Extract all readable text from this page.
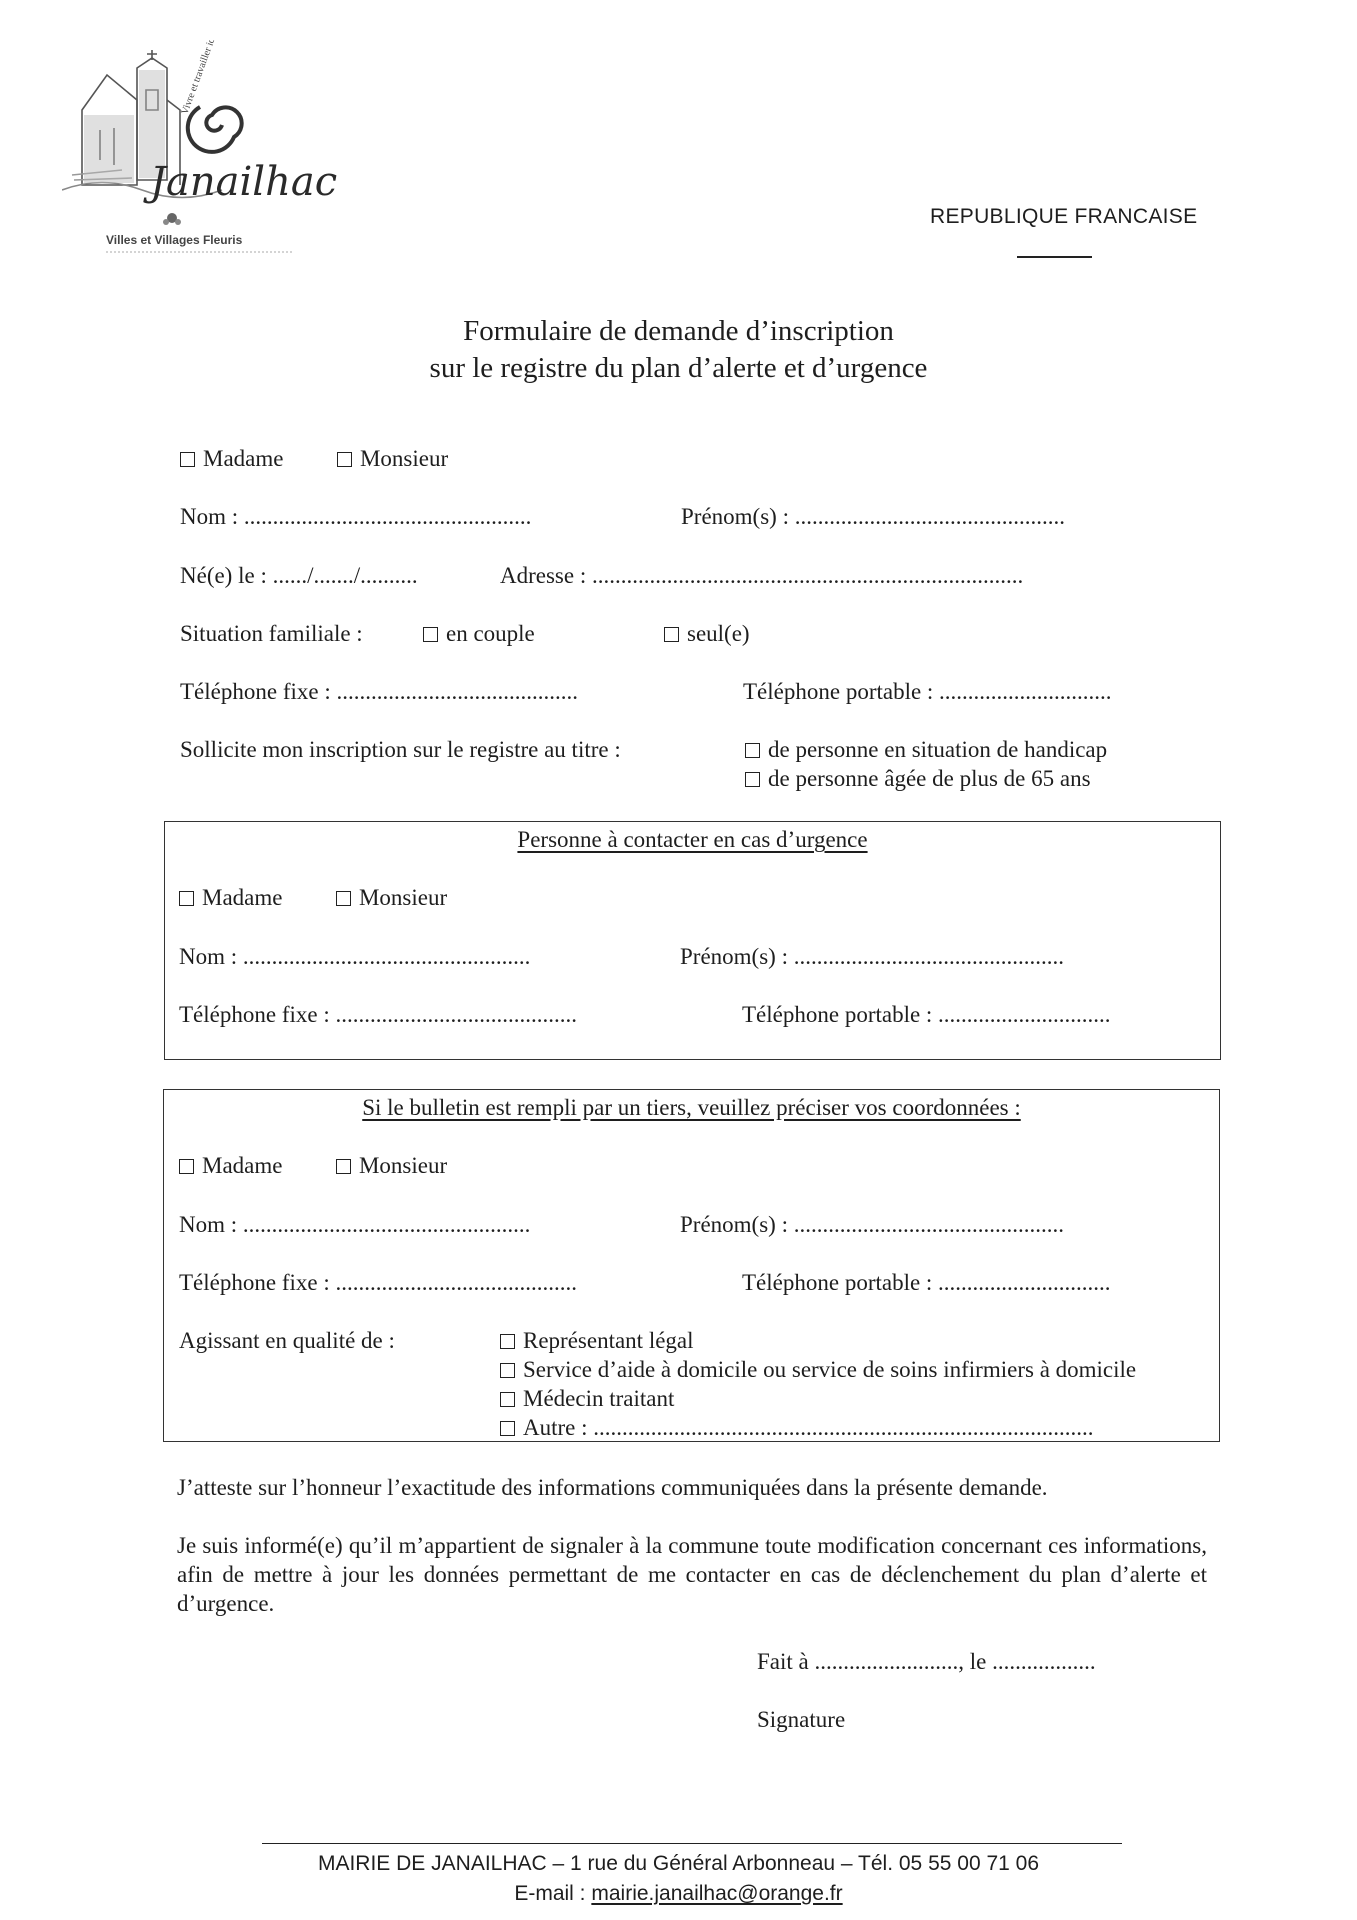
Vivre et travailler ici
Janailhac
Villes et Villages Fleuris
REPUBLIQUE FRANCAISE
Formulaire de demande d’inscription
sur le registre du plan d’alerte et d’urgence
Madame	Monsieur
Nom : ..................................................	Prénom(s) : ...............................................
Né(e) le : ....../......./..........	Adresse : ...........................................................................
Situation familiale :	en couple	seul(e)
Téléphone fixe : ..........................................	Téléphone portable : ..............................
Sollicite mon inscription sur le registre au titre :	de personne en situation de handicap
de personne âgée de plus de 65 ans
Personne à contacter en cas d’urgence
Madame	Monsieur
Nom : ..................................................	Prénom(s) : ...............................................
Téléphone fixe : ..........................................	Téléphone portable : ..............................
Si le bulletin est rempli par un tiers, veuillez préciser vos coordonnées :
Madame	Monsieur
Nom : ..................................................	Prénom(s) : ...............................................
Téléphone fixe : ..........................................	Téléphone portable : ..............................
Agissant en qualité de :	Représentant légal
Service d’aide à domicile ou service de soins infirmiers à domicile
Médecin traitant
Autre : .......................................................................................
J’atteste sur l’honneur l’exactitude des informations communiquées dans la présente demande.
Je suis informé(e) qu’il m’appartient de signaler à la commune toute modification concernant ces informations, afin de mettre à jour les données permettant de me contacter en cas de déclenchement du plan d’alerte et d’urgence.
Fait à ........................., le ..................
Signature
MAIRIE DE JANAILHAC – 1 rue du Général Arbonneau – Tél. 05 55 00 71 06
E-mail : mairie.janailhac@orange.fr
